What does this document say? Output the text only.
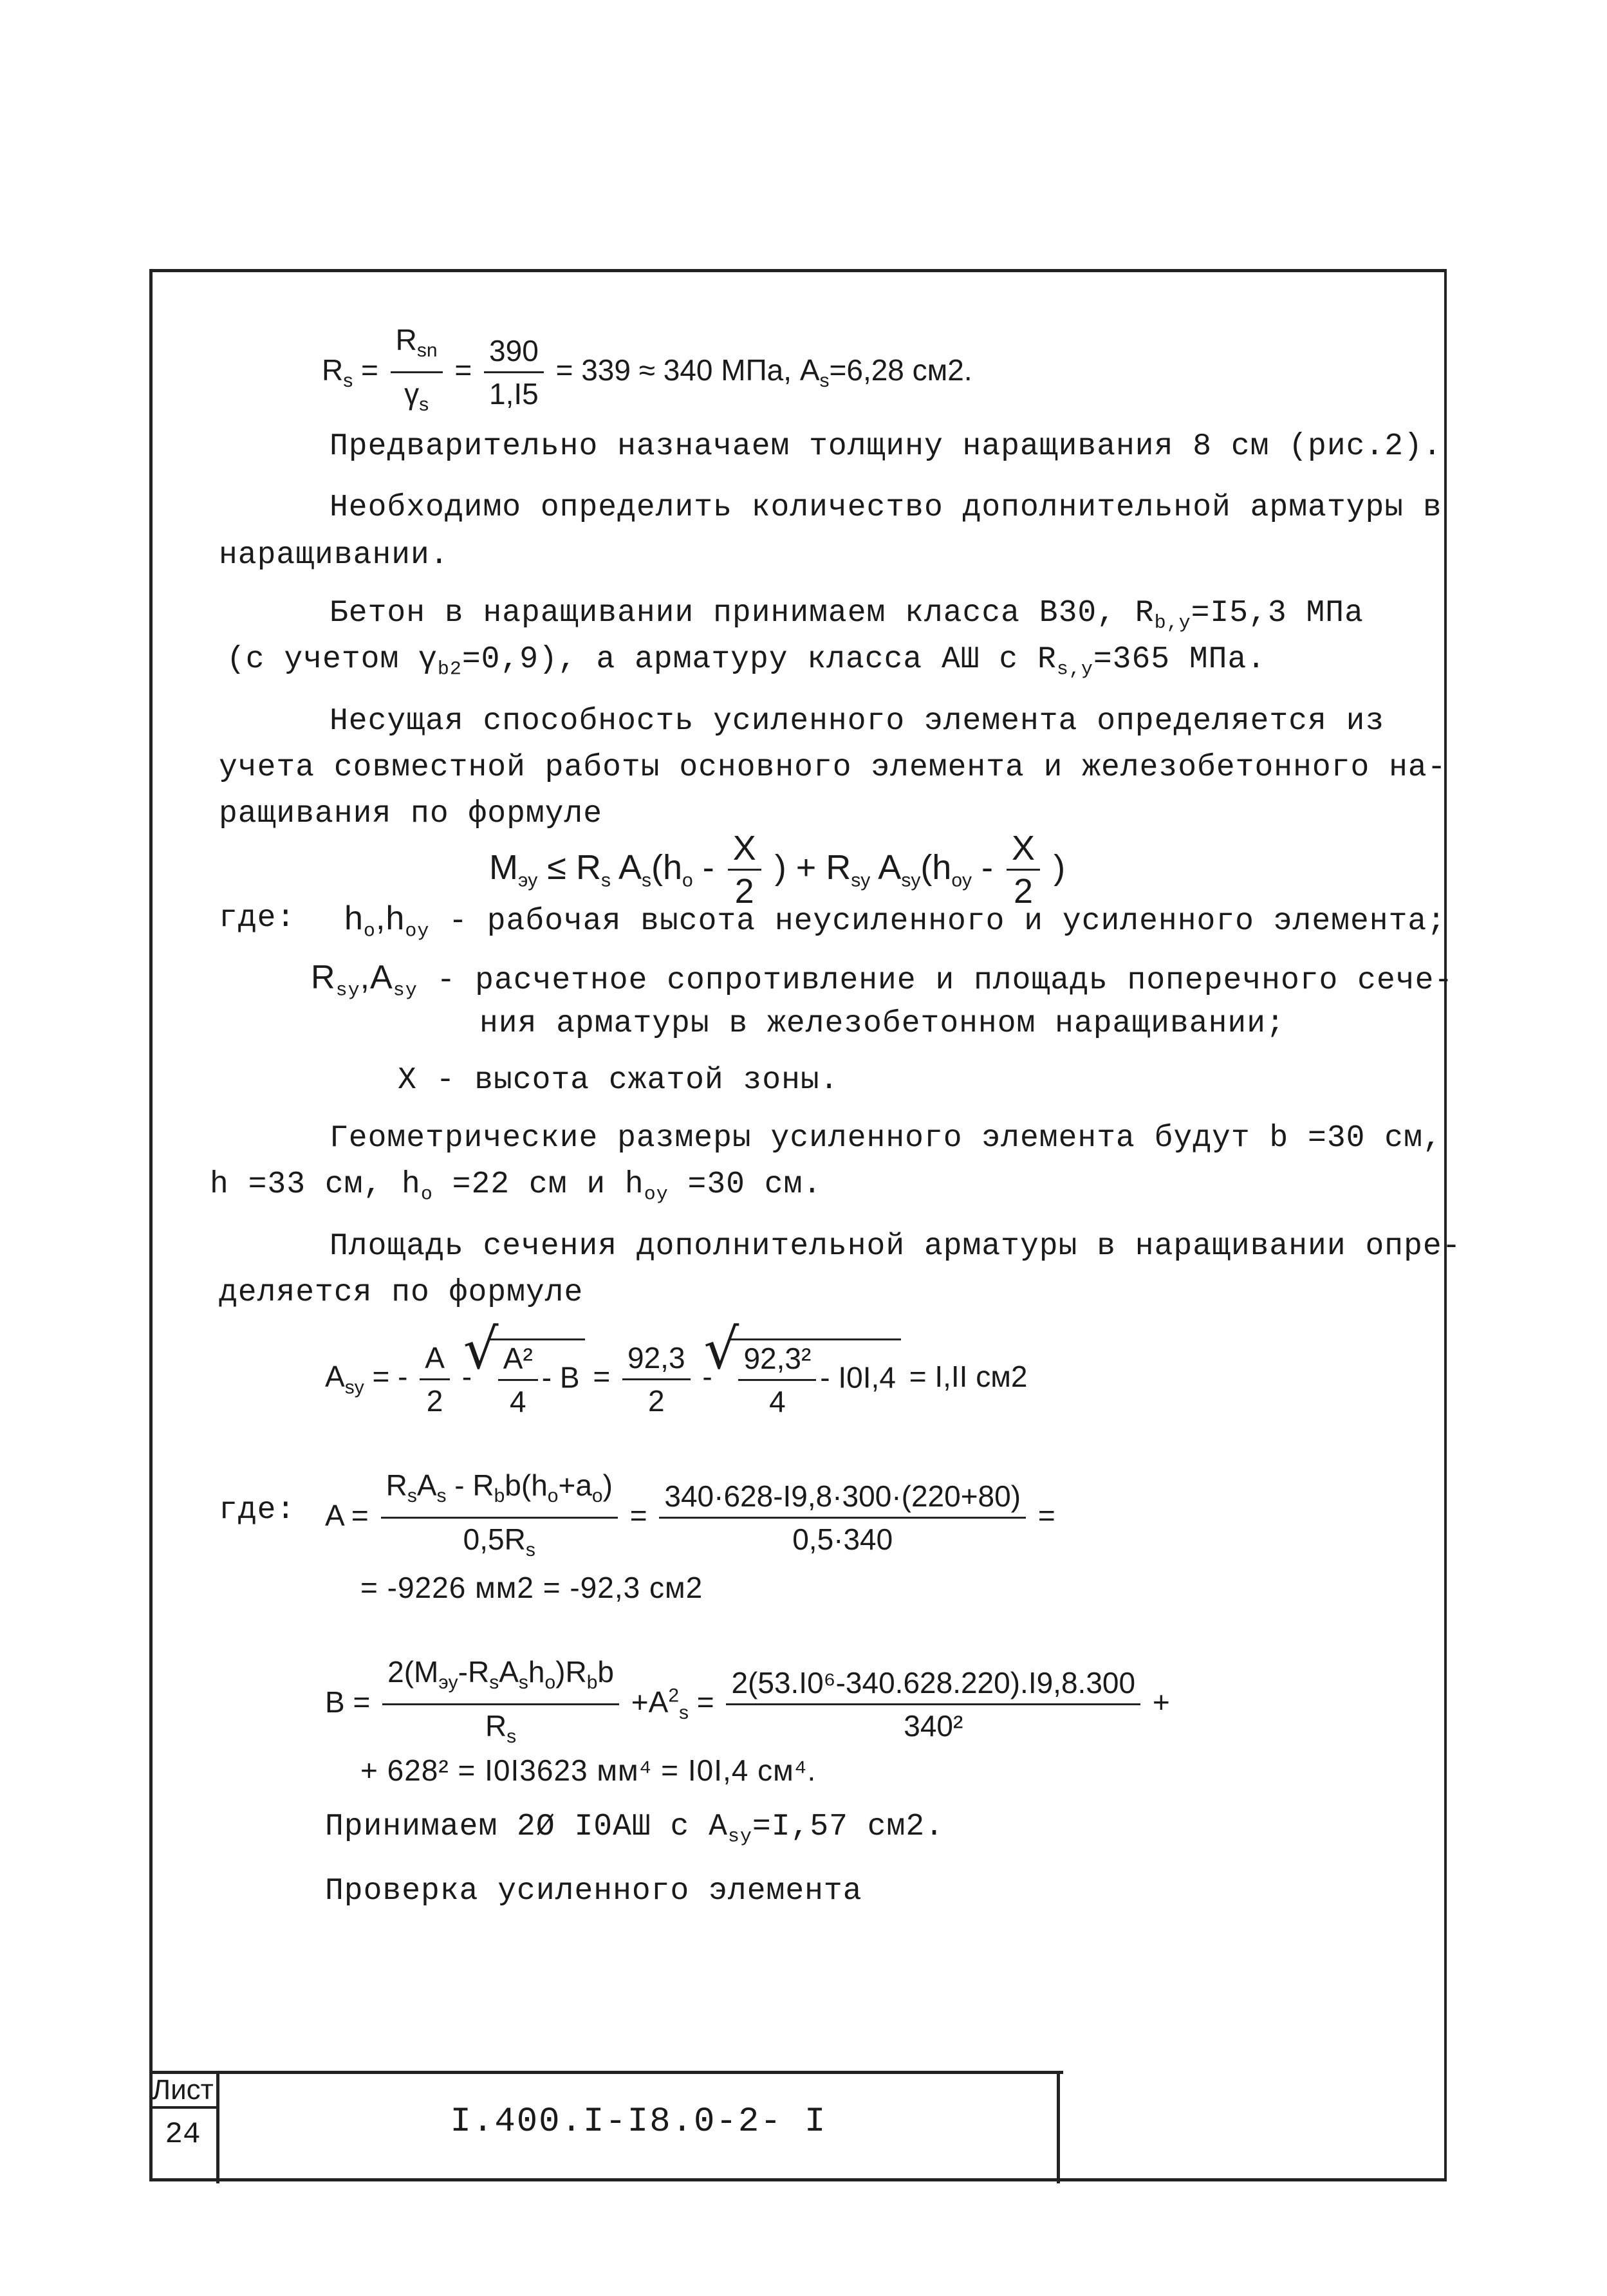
$R_s = \frac{R_{sn}}{\gamma_s} = \frac{390}{1,I5} = 339 \approx 340$ МПа, $A_s=6,28$ см2.
Предварительно назначаем толщину наращивания 8 см (рис.2).
Необходимо определить количество дополнительной арматуры в
наращивании.
Бетон в наращивании принимаем класса В30, $R_{b,y}=I5,3$ МПа
(с учетом $\gamma_{b2}=0,9$), а арматуру класса АШ с $R_{s,y}=365$ МПа.
Несущая способность усиленного элемента определяется из
учета совместной работы основного элемента и железобетонного на-
ращивания по формуле
$M_{эу} \le R_s$ $A_s(h_o - \frac{X}{2}$ ) + $R_{sy}$ $A_{sy}(h_{oy} - \frac{X}{2}$ )
где: $h_o,h_{oy}$ - рабочая высота неусиленного и усиленного элемента;
$R_{sy},A_{sy}$ - расчетное сопротивление и площадь поперечного сече-
ния арматуры в железобетонном наращивании;
X - высота сжатой зоны.
Геометрические размеры усиленного элемента будут b =30 см,
h =33 см, $h_o =22$ см и $h_{oy} =30$ см.
Площадь сечения дополнительной арматуры в наращивании опре-
деляется по формуле
$A_{sy}$ = - $\frac{A}{2}$ - √ $\frac{\text{A²}}{4} - B = \frac{92,3}{2}$ - √ $\frac{\text{92,3²}}{4} - I0I,4 = I,II$ см2
где: $A = \frac{R_sA_s - R_bb(h_o+a_o)}{0,5R_s} = \frac{340\cdot 628-I9,8\cdot 300\cdot(220+80)}{0,5\cdot 340}$ =
= -9226 мм2 = -92,3 см2
$B = \frac{2(M_{эу}-R_sA_sh_o)R_bb}{R_s} +A^2_s = \frac{\text{2(53.I0⁶-340.628.220).I9,8.300}}{\text{340²}}$ +
+ 628² = I0I3623 мм⁴ = I0I,4 см⁴.
Принимаем 2Ø I0АШ с $A_{sy}=I,57$ см2.
Проверка усиленного элемента
Лист
24	I.400.I-I8.0-2- I
